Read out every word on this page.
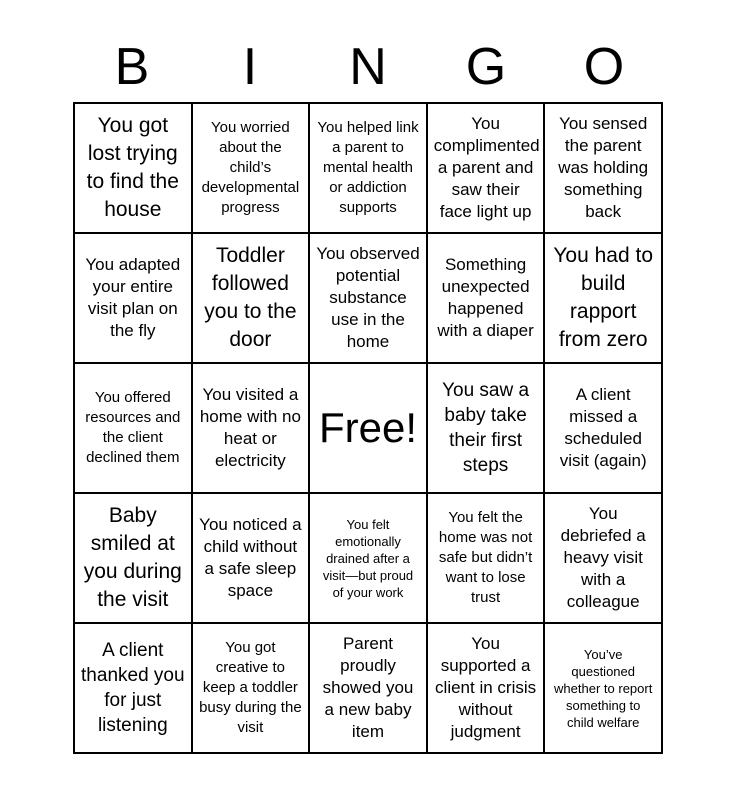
B	I	N	G	O
You got lost trying to find the house
You worried about the child’s developmental progress
You helped link a parent to mental health or addiction supports
You complimented a parent and saw their face light up
You sensed the parent was holding something back
You adapted your entire visit plan on the fly
Toddler followed you to the door
You observed potential substance use in the home
Something unexpected happened with a diaper
You had to build rapport from zero
You offered resources and the client declined them
You visited a home with no heat or electricity
Free!
You saw a baby take their first steps
A client missed a scheduled visit (again)
Baby smiled at you during the visit
You noticed a child without a safe sleep space
You felt emotionally drained after a visit—but proud of your work
You felt the home was not safe but didn’t want to lose trust
You debriefed a heavy visit with a colleague
A client thanked you for just listening
You got creative to keep a toddler busy during the visit
Parent proudly showed you a new baby item
You supported a client in crisis without judgment
You’ve questioned whether to report something to child welfare
